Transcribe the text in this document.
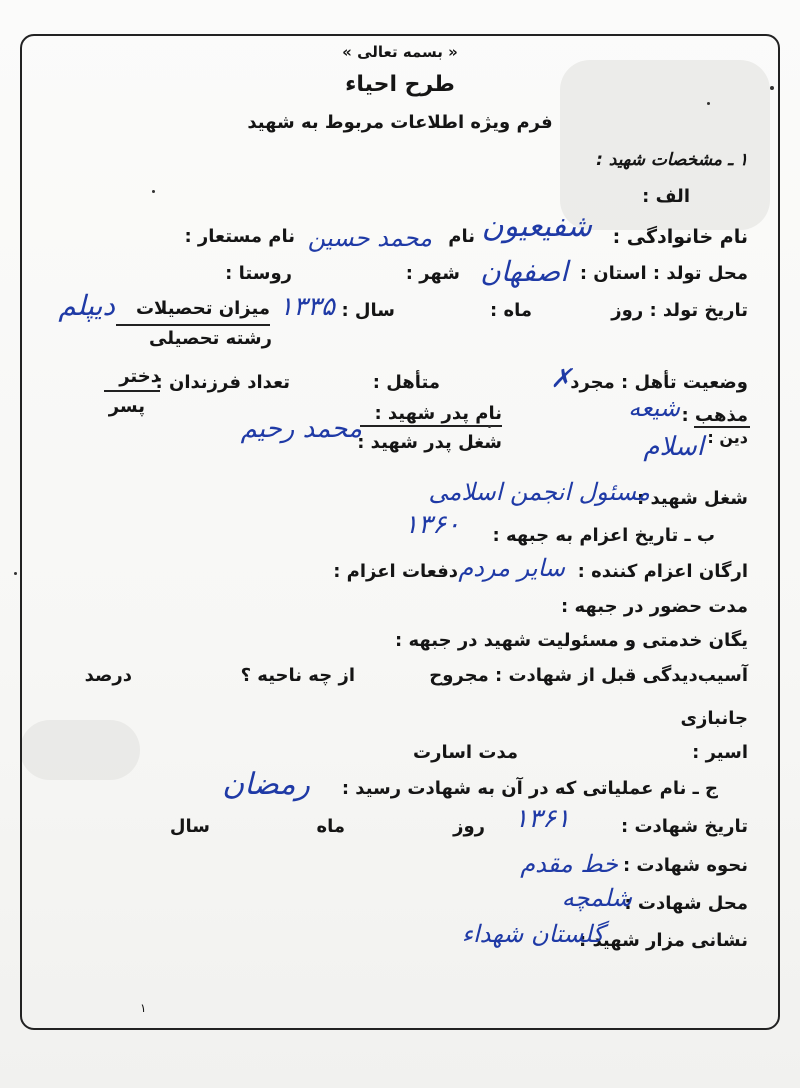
« بسمه تعالی »
طرح احیاء
فرم ویژه اطلاعات مربوط به شهید
۱ ـ مشخصات شهید :
الف :
نام خانوادگی :
شفیعیون
نام
محمد حسین
نام مستعار :
محل تولد : استان :
اصفهان
شهر :
روستا :
تاریخ تولد : روز
ماه :
سال :
۱۳۳۵
میزان تحصیلات
دیپلم
رشته تحصیلی
وضعیت تأهل : مجرد
✗
متأهل :
تعداد فرزندان :
دختر
پسر	مذهب :
شیعه
دین :
اسلام
نام پدر شهید :
محمد رحیم
شغل پدر شهید :
شغل شهید :
مسئول انجمن اسلامی
ب ـ تاریخ اعزام به جبهه :
۱۳۶۰
ارگان اعزام کننده :
سایر مردم
دفعات اعزام :
مدت حضور در جبهه :
یگان خدمتی و مسئولیت شهید در جبهه :
آسیب‌دیدگی قبل از شهادت : مجروح
از چه ناحیه ؟
درصد
جانبازی
اسیر :
مدت اسارت
ج ـ نام عملیاتی که در آن به شهادت رسید :
رمضان
تاریخ شهادت :
۱۳۶۱
روز
ماه
سال
نحوه شهادت :
خط مقدم
محل شهادت :
شلمچه
نشانی مزار شهید :
گلستان شهداء
۱
